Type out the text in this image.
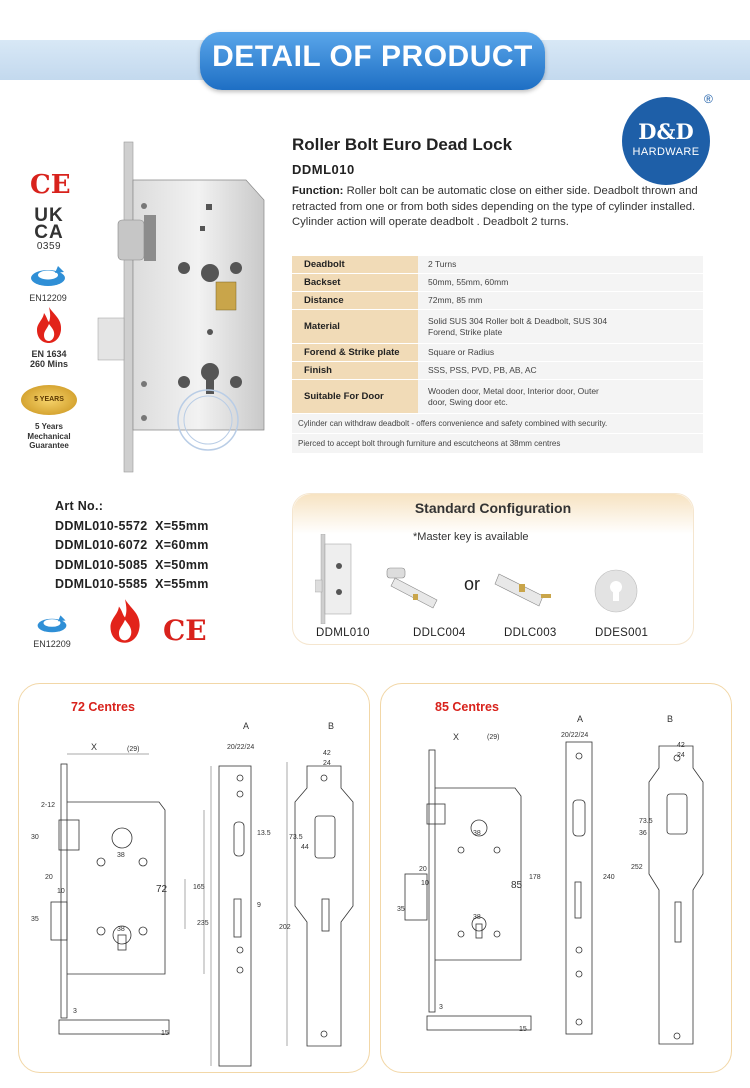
DETAIL OF PRODUCT
D&D
HARDWARE
®
CE
UK
CA
0359
EN12209
EN 1634
260 Mins
5 YEARS
5 Years
Mechanical
Guarantee
Roller Bolt Euro Dead Lock
DDML010
Function: Roller bolt can be automatic close on either side. Deadbolt thrown and retracted from one or from both sides depending on the type of cylinder installed. Cylinder action will operate deadbolt . Deadbolt 2 turns.
Deadbolt	2 Turns
Backset	50mm, 55mm, 60mm
Distance	72mm, 85 mm
Material	Solid SUS 304 Roller bolt & Deadbolt, SUS 304 Forend, Strike plate
Forend & Strike plate	Square or Radius
Finish	SSS, PSS, PVD, PB, AB, AC
Suitable For Door	Wooden door, Metal door, Interior door, Outer door, Swing door etc.
Cylinder can withdraw deadbolt - offers convenience and safety combined with security.	
Pierced to accept bolt through furniture and escutcheons at 38mm centres	
Art No.:
DDML010-5572  X=55mm
DDML010-6072  X=60mm
DDML010-5085  X=50mm
DDML010-5585  X=55mm
EN12209	CE
Standard Configuration
*Master key is available
or
DDML010	DDLC004	DDLC003	DDES001
72 Centres
A	B
X	(29)	20/22/24
42
24
38
38
72	165
235
13.5
9
73.5
44
202
2-12
30
20
10
35
3
15
85 Centres
A	B
X	(29)	20/22/24
42
24
38
38
85
178	240
73.5
36
252
20
10
35
3
15
